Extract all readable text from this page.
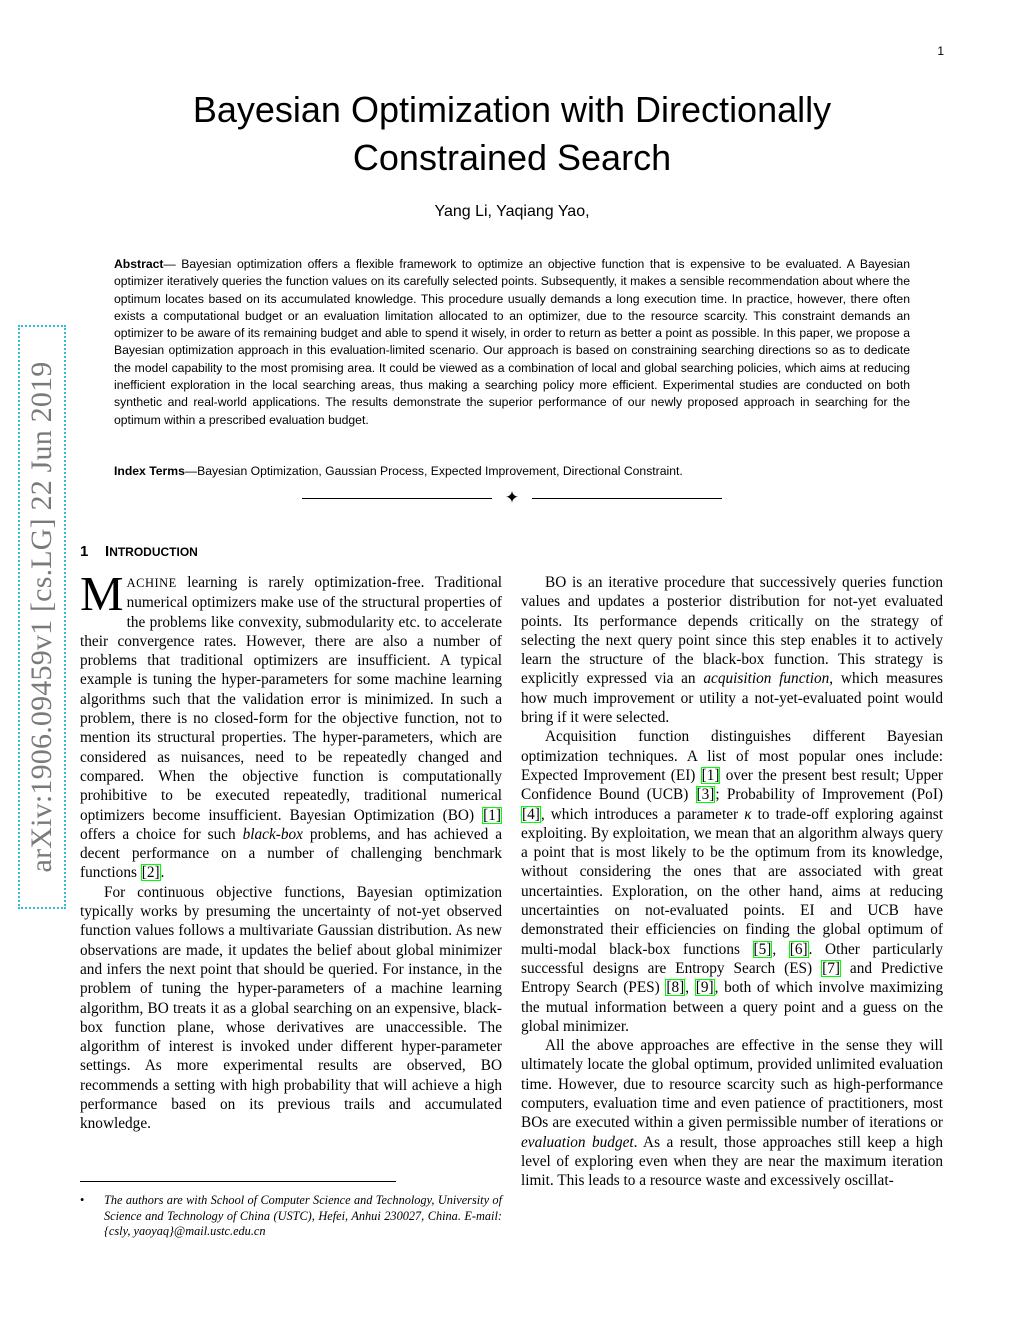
1
arXiv:1906.09459v1 [cs.LG] 22 Jun 2019
Bayesian Optimization with Directionally
Constrained Search
Yang Li, Yaqiang Yao,

Abstract— Bayesian optimization offers a flexible framework to optimize an objective function that is expensive to be evaluated. A Bayesian optimizer iteratively queries the function values on its carefully selected points. Subsequently, it makes a sensible recommendation about where the optimum locates based on its accumulated knowledge. This procedure usually demands a long execution time. In practice, however, there often exists a computational budget or an evaluation limitation allocated to an optimizer, due to the resource scarcity. This constraint demands an optimizer to be aware of its remaining budget and able to spend it wisely, in order to return as better a point as possible. In this paper, we propose a Bayesian optimization approach in this evaluation-limited scenario. Our approach is based on constraining searching directions so as to dedicate the model capability to the most promising area. It could be viewed as a combination of local and global searching policies, which aims at reducing inefficient exploration in the local searching areas, thus making a searching policy more efficient. Experimental studies are conducted on both synthetic and real-world applications. The results demonstrate the superior performance of our newly proposed approach in searching for the optimum within a prescribed evaluation budget.

Index Terms—Bayesian Optimization, Gaussian Process, Expected Improvement, Directional Constraint.

✦
1 INTRODUCTION

MACHINE learning is rarely optimization-free. Traditional numerical optimizers make use of the structural properties of the problems like convexity, submodularity etc. to accelerate their convergence rates. However, there are also a number of problems that traditional optimizers are insufficient. A typical example is tuning the hyper-parameters for some machine learning algorithms such that the validation error is minimized. In such a problem, there is no closed-form for the objective function, not to mention its structural properties. The hyper-parameters, which are considered as nuisances, need to be repeatedly changed and compared. When the objective function is computationally prohibitive to be executed repeatedly, traditional numerical optimizers become insufficient. Bayesian Optimization (BO) [1] offers a choice for such black-box problems, and has achieved a decent performance on a number of challenging benchmark functions [2].

For continuous objective functions, Bayesian optimization typically works by presuming the uncertainty of not-yet observed function values follows a multivariate Gaussian distribution. As new observations are made, it updates the belief about global minimizer and infers the next point that should be queried. For instance, in the problem of tuning the hyper-parameters of a machine learning algorithm, BO treats it as a global searching on an expensive, black-box function plane, whose derivatives are unaccessible. The algorithm of interest is invoked under different hyper-parameter settings. As more experimental results are observed, BO recommends a setting with high probability that will achieve a high performance based on its previous trails and accumulated knowledge.

• The authors are with School of Computer Science and Technology, University of Science and Technology of China (USTC), Hefei, Anhui 230027, China. E-mail: {csly, yaoyaq}@mail.ustc.edu.cn

BO is an iterative procedure that successively queries function values and updates a posterior distribution for not-yet evaluated points. Its performance depends critically on the strategy of selecting the next query point since this step enables it to actively learn the structure of the black-box function. This strategy is explicitly expressed via an acquisition function, which measures how much improvement or utility a not-yet-evaluated point would bring if it were selected.

Acquisition function distinguishes different Bayesian optimization techniques. A list of most popular ones include: Expected Improvement (EI) [1] over the present best result; Upper Confidence Bound (UCB) [3]; Probability of Improvement (PoI) [4], which introduces a parameter κ to trade-off exploring against exploiting. By exploitation, we mean that an algorithm always query a point that is most likely to be the optimum from its knowledge, without considering the ones that are associated with great uncertainties. Exploration, on the other hand, aims at reducing uncertainties on not-evaluated points. EI and UCB have demonstrated their efficiencies on finding the global optimum of multi-modal black-box functions [5], [6]. Other particularly successful designs are Entropy Search (ES) [7] and Predictive Entropy Search (PES) [8], [9], both of which involve maximizing the mutual information between a query point and a guess on the global minimizer.

All the above approaches are effective in the sense they will ultimately locate the global optimum, provided unlimited evaluation time. However, due to resource scarcity such as high-performance computers, evaluation time and even patience of practitioners, most BOs are executed within a given permissible number of iterations or evaluation budget. As a result, those approaches still keep a high level of exploring even when they are near the maximum iteration limit. This leads to a resource waste and excessively oscillat-
